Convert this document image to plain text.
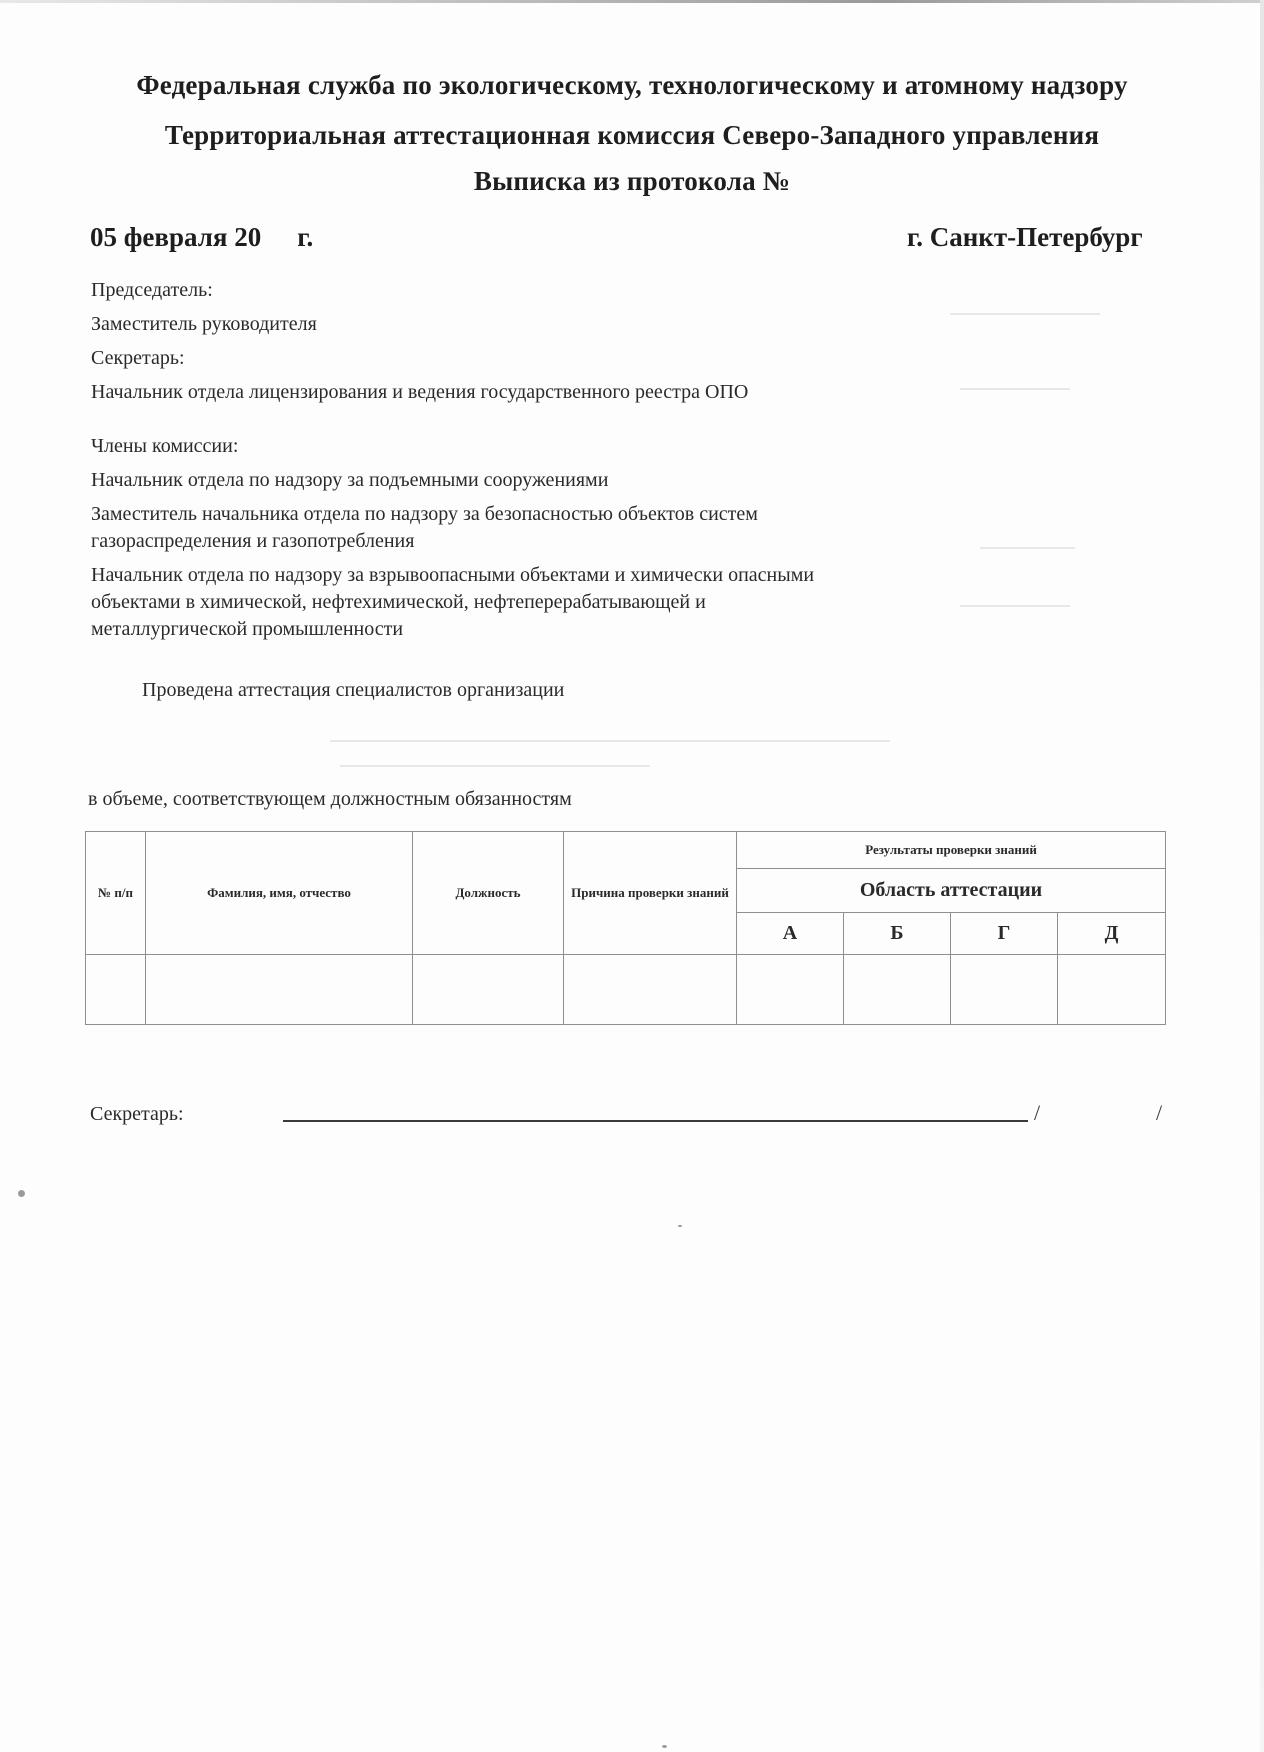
Федеральная служба по экологическому, технологическому и атомному надзору
Территориальная аттестационная комиссия Северо-Западного управления
Выписка из протокола №
05 февраля 20 г.	г. Санкт-Петербург
Председатель:
Заместитель руководителя
Секретарь:
Начальник отдела лицензирования и ведения государственного реестра ОПО
Члены комиссии:
Начальник отдела по надзору за подъемными сооружениями
Заместитель начальника отдела по надзору за безопасностью объектов систем
газораспределения и газопотребления
Начальник отдела по надзору за взрывоопасными объектами и химически опасными
объектами в химической, нефтехимической, нефтеперерабатывающей и
металлургической промышленности
Проведена аттестация специалистов организации
в объеме, соответствующем должностным обязанностям
№ п/п	Фамилия, имя, отчество	Должность	Причина проверки знаний	Результаты проверки знаний			
				Область аттестации			
				А	Б	Г	Д

Секретарь:	/	/
